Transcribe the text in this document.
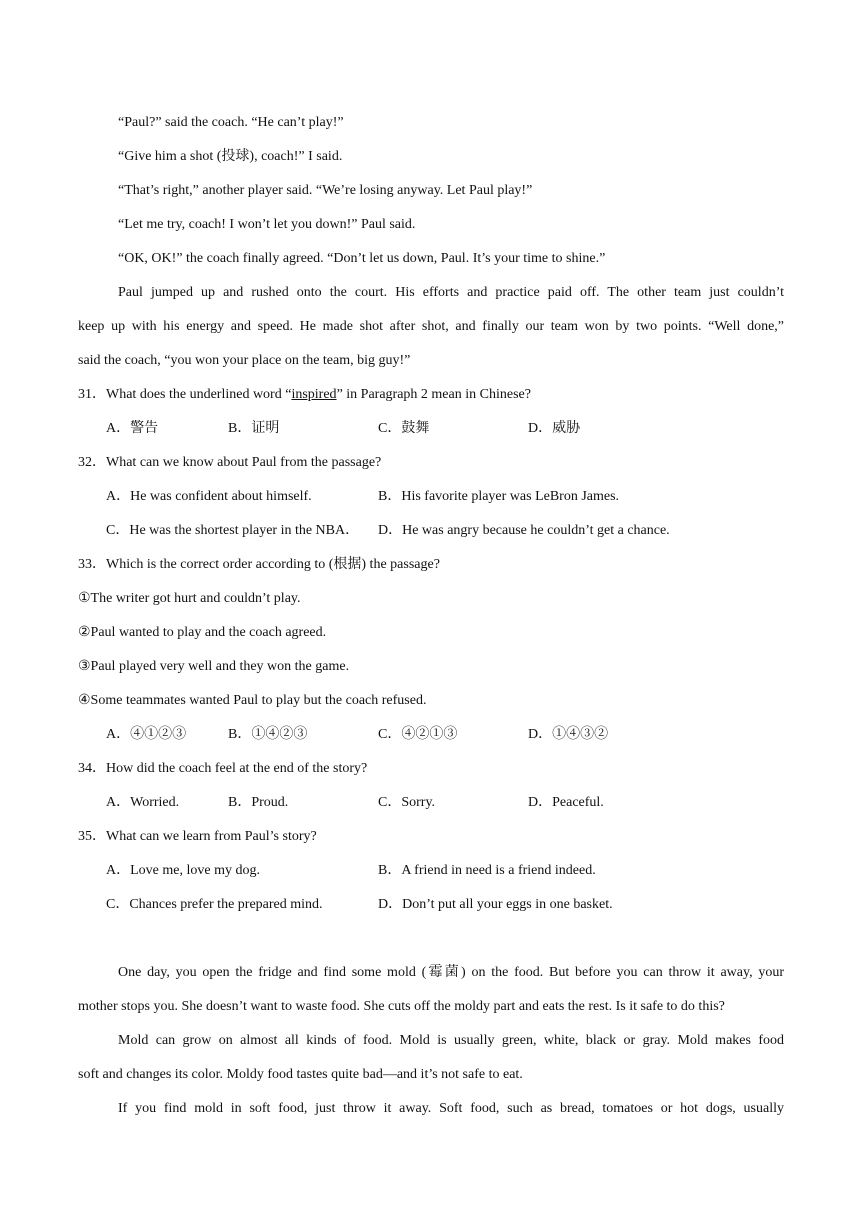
“Paul?” said the coach. “He can’t play!”
“Give him a shot (投球), coach!” I said.
“That’s right,” another player said. “We’re losing anyway. Let Paul play!”
“Let me try, coach! I won’t let you down!” Paul said.
“OK, OK!” the coach finally agreed. “Don’t let us down, Paul. It’s your time to shine.”
Paul jumped up and rushed onto the court. His efforts and practice paid off. The other team just couldn’t
keep up with his energy and speed. He made shot after shot, and finally our team won by two points. “Well done,”
said the coach, “you won your place on the team, big guy!”
31．What does the underlined word “inspired” in Paragraph 2 mean in Chinese?
A．警告	B．证明	C．鼓舞	D．威胁
32．What can we know about Paul from the passage?
A．He was confident about himself.	B．His favorite player was LeBron James.
C．He was the shortest player in the NBA． D．He was angry because he couldn’t get a chance.
33．Which is the correct order according to (根据) the passage?
①The writer got hurt and couldn’t play.
②Paul wanted to play and the coach agreed.
③Paul played very well and they won the game.
④Some teammates wanted Paul to play but the coach refused.
A．④①②③	B．①④②③	C．④②①③	D．①④③②
34．How did the coach feel at the end of the story?
A．Worried.	B．Proud.	C．Sorry.	D．Peaceful.
35．What can we learn from Paul’s story?
A．Love me, love my dog.	B．A friend in need is a friend indeed.
C．Chances prefer the prepared mind.	D．Don’t put all your eggs in one basket.
One day, you open the fridge and find some mold (霉菌) on the food. But before you can throw it away, your
mother stops you. She doesn’t want to waste food. She cuts off the moldy part and eats the rest. Is it safe to do this?
Mold can grow on almost all kinds of food. Mold is usually green, white, black or gray. Mold makes food
soft and changes its color. Moldy food tastes quite bad—and it’s not safe to eat.
If you find mold in soft food, just throw it away. Soft food, such as bread, tomatoes or hot dogs, usually
